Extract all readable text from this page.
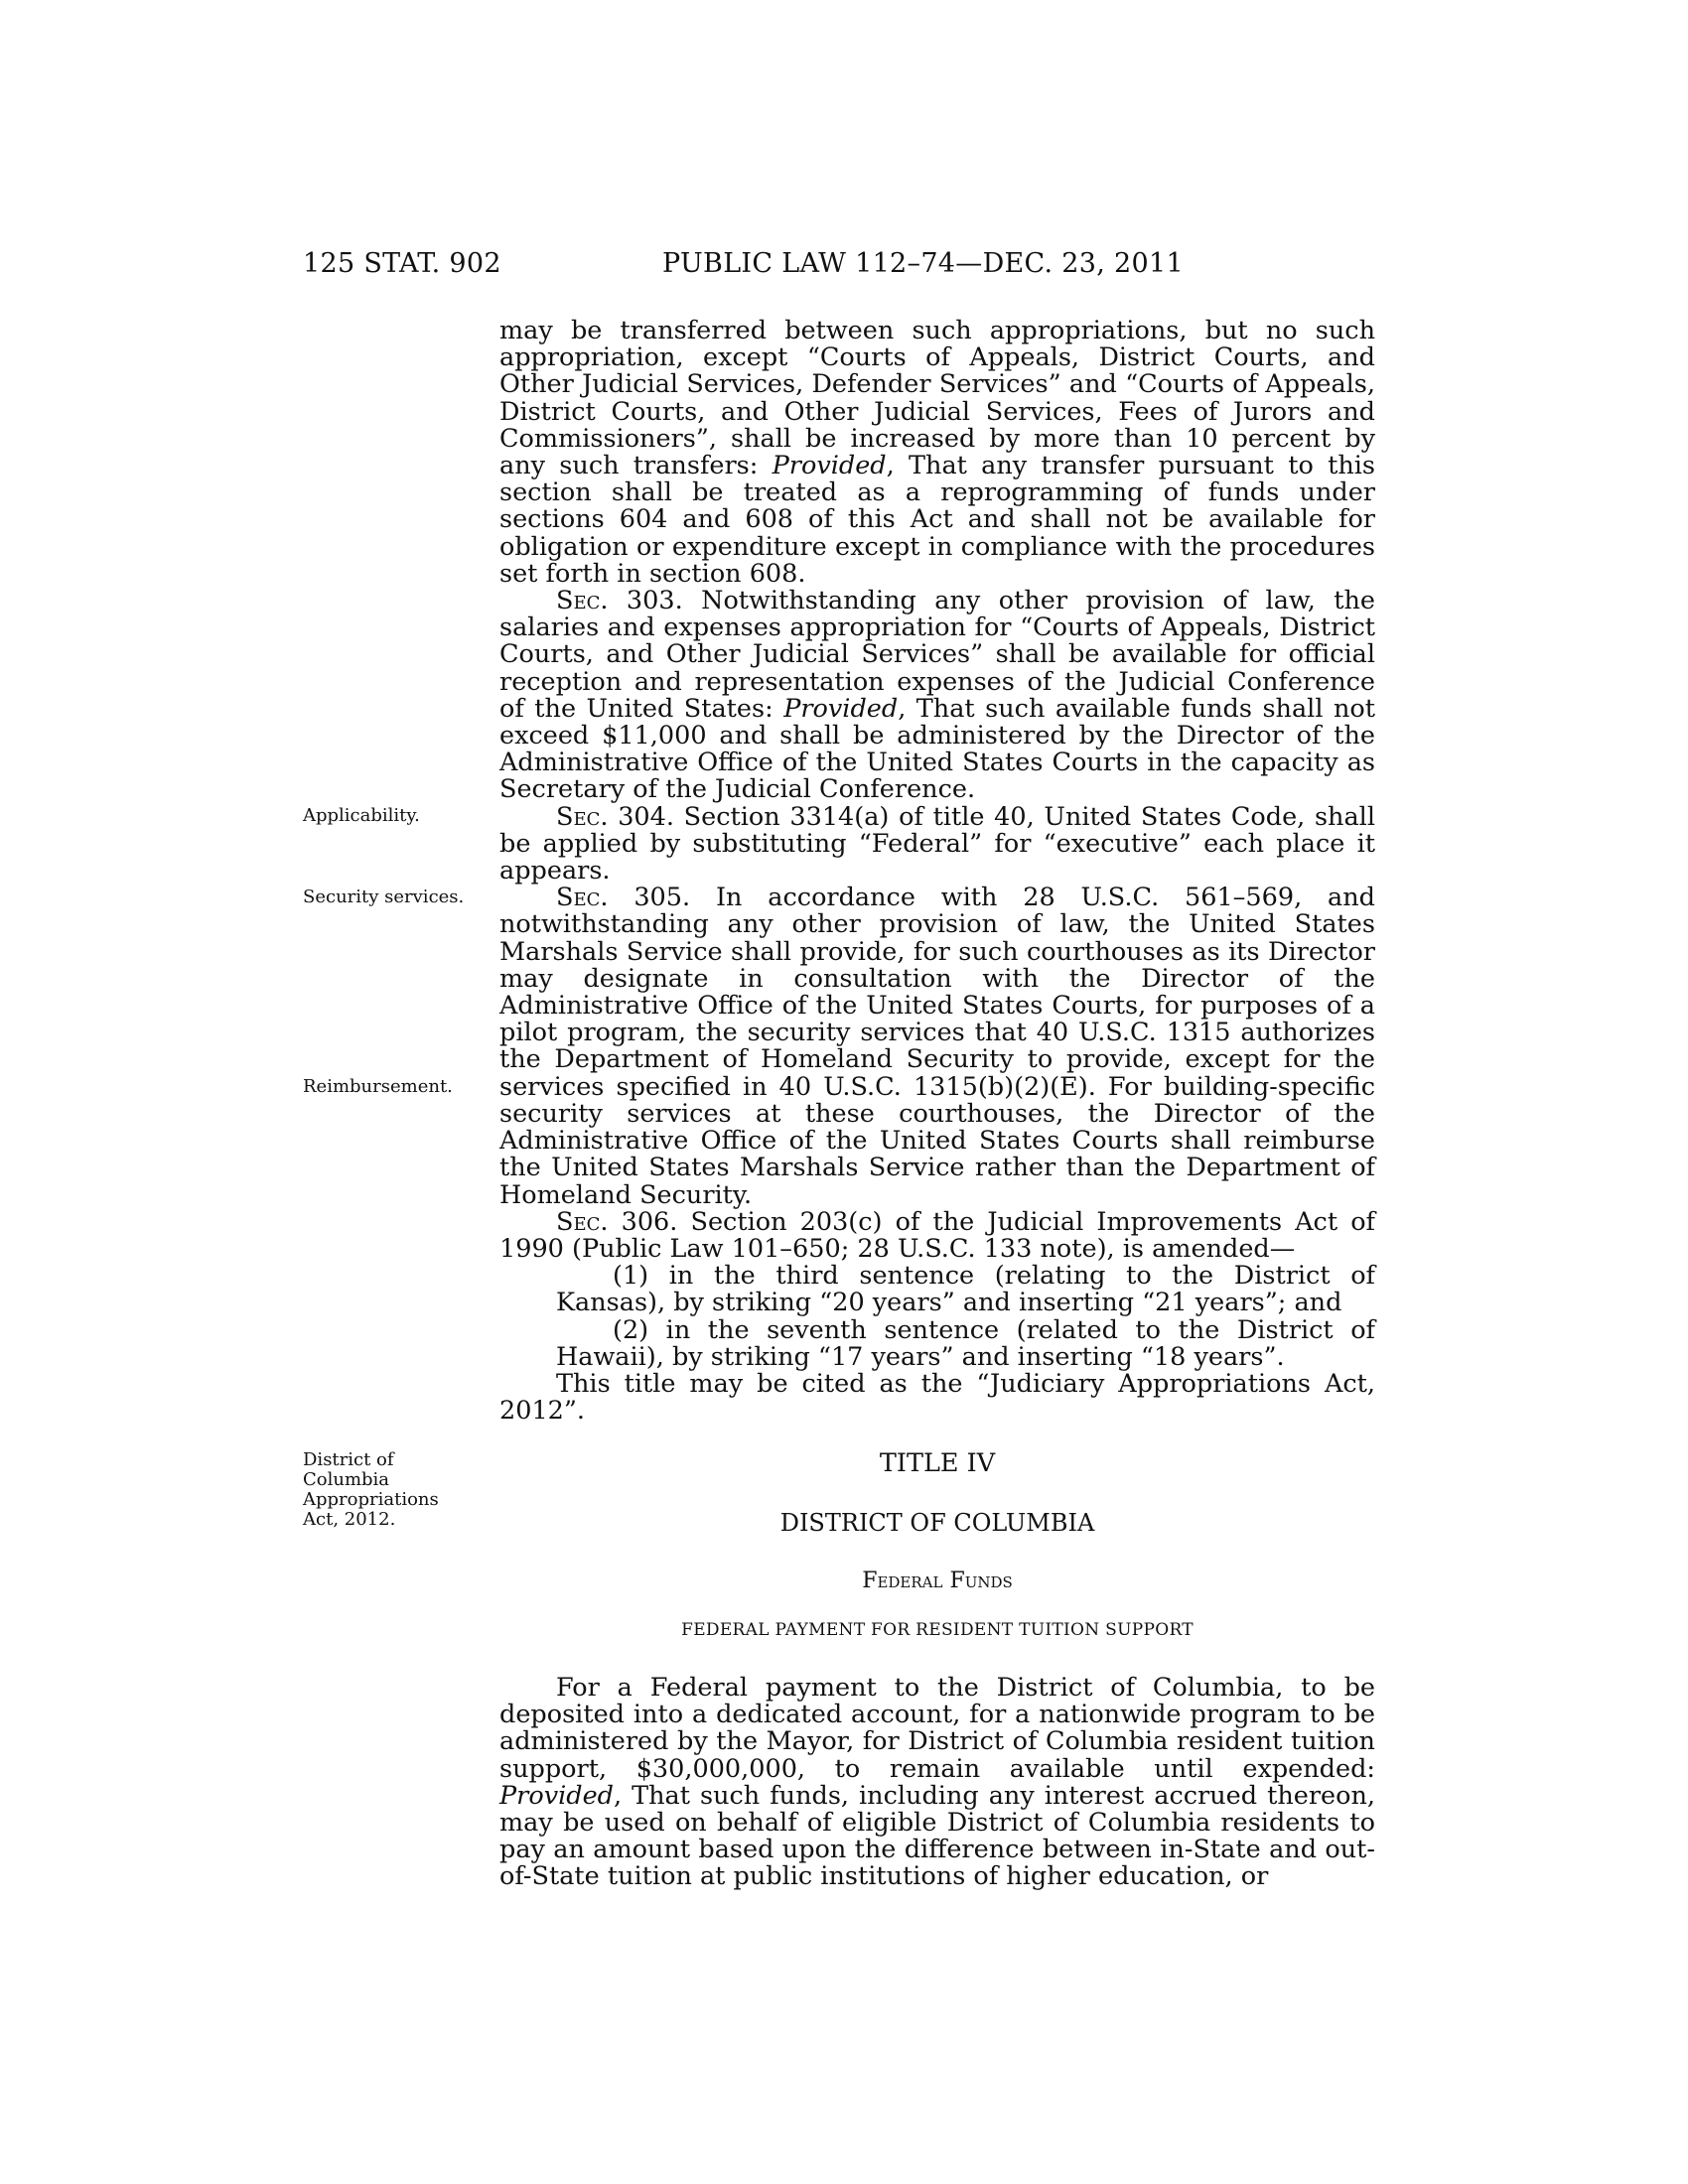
125 STAT. 902	PUBLIC LAW 112–74—DEC. 23, 2011
Applicability.
Security services.
Reimbursement.
District of Columbia Appropriations Act, 2012.

may be transferred between such appropriations, but no such appropriation, except “Courts of Appeals, District Courts, and Other Judicial Services, Defender Services” and “Courts of Appeals, District Courts, and Other Judicial Services, Fees of Jurors and Commissioners”, shall be increased by more than 10 percent by any such transfers: Provided, That any transfer pursuant to this section shall be treated as a reprogramming of funds under sections 604 and 608 of this Act and shall not be available for obligation or expenditure except in compliance with the procedures set forth in section 608.

Sec. 303. Notwithstanding any other provision of law, the salaries and expenses appropriation for “Courts of Appeals, District Courts, and Other Judicial Services” shall be available for official reception and representation expenses of the Judicial Conference of the United States: Provided, That such available funds shall not exceed $11,000 and shall be administered by the Director of the Administrative Office of the United States Courts in the capacity as Secretary of the Judicial Conference.

Sec. 304. Section 3314(a) of title 40, United States Code, shall be applied by substituting “Federal” for “executive” each place it appears.

Sec. 305. In accordance with 28 U.S.C. 561–569, and notwithstanding any other provision of law, the United States Marshals Service shall provide, for such courthouses as its Director may designate in consultation with the Director of the Administrative Office of the United States Courts, for purposes of a pilot program, the security services that 40 U.S.C. 1315 authorizes the Department of Homeland Security to provide, except for the services specified in 40 U.S.C. 1315(b)(2)(E). For building-specific security services at these courthouses, the Director of the Administrative Office of the United States Courts shall reimburse the United States Marshals Service rather than the Department of Homeland Security.

Sec. 306. Section 203(c) of the Judicial Improvements Act of 1990 (Public Law 101–650; 28 U.S.C. 133 note), is amended—

(1) in the third sentence (relating to the District of Kansas), by striking “20 years” and inserting “21 years”; and

(2) in the seventh sentence (related to the District of Hawaii), by striking “17 years” and inserting “18 years”.

This title may be cited as the “Judiciary Appropriations Act, 2012”.

TITLE IV
DISTRICT OF COLUMBIA
Federal Funds
FEDERAL PAYMENT FOR RESIDENT TUITION SUPPORT

For a Federal payment to the District of Columbia, to be deposited into a dedicated account, for a nationwide program to be administered by the Mayor, for District of Columbia resident tuition support, $30,000,000, to remain available until expended: Provided, That such funds, including any interest accrued thereon, may be used on behalf of eligible District of Columbia residents to pay an amount based upon the difference between in-State and out-of-State tuition at public institutions of higher education, or
